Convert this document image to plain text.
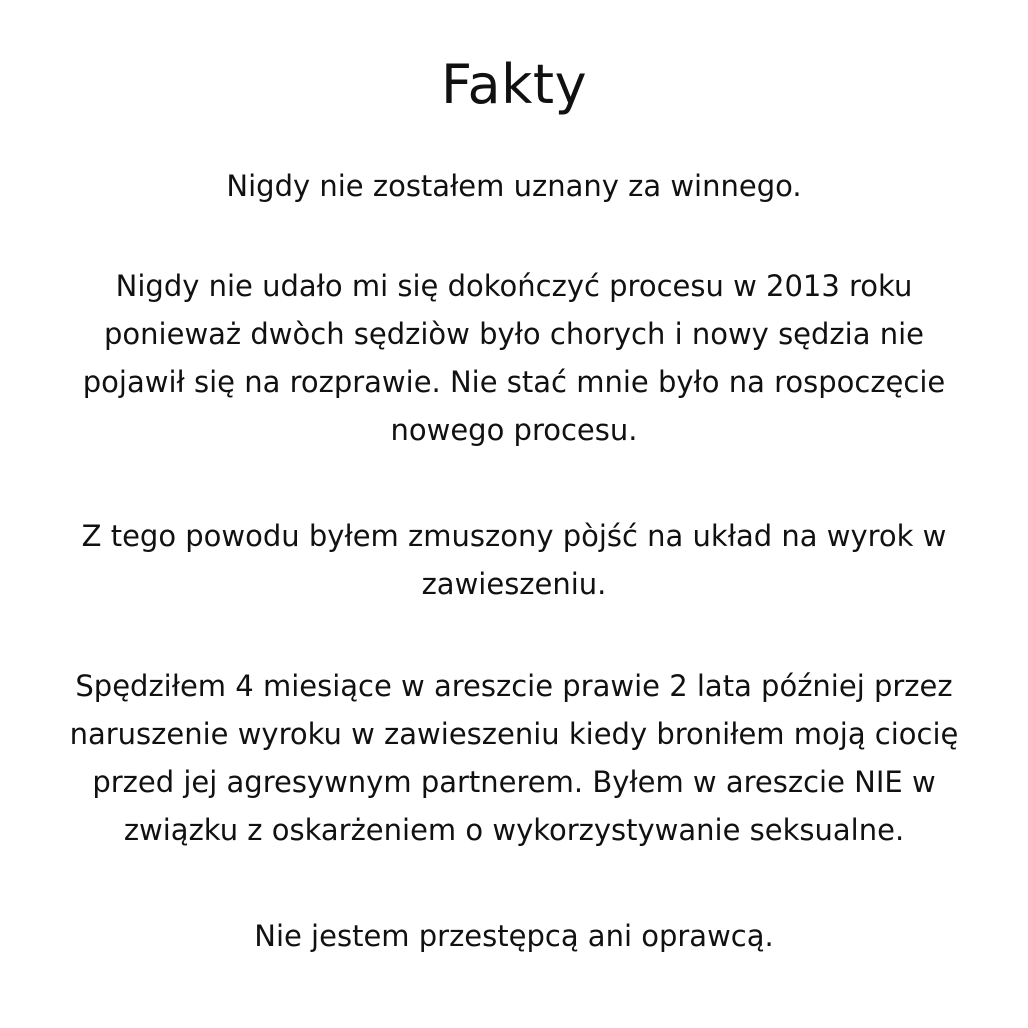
Fakty

Nigdy nie zostałem uznany za winnego.

Nigdy nie udało mi się dokończyć procesu w 2013 roku
ponieważ dwòch sędziòw było chorych i nowy sędzia nie
pojawił się na rozprawie. Nie stać mnie było na rospoczęcie
nowego procesu.

Z tego powodu byłem zmuszony pòjść na układ na wyrok w
zawieszeniu.

Spędziłem 4 miesiące w areszcie prawie 2 lata później przez
naruszenie wyroku w zawieszeniu kiedy broniłem moją ciocię
przed jej agresywnym partnerem. Byłem w areszcie NIE w
związku z oskarżeniem o wykorzystywanie seksualne.

Nie jestem przestępcą ani oprawcą.
